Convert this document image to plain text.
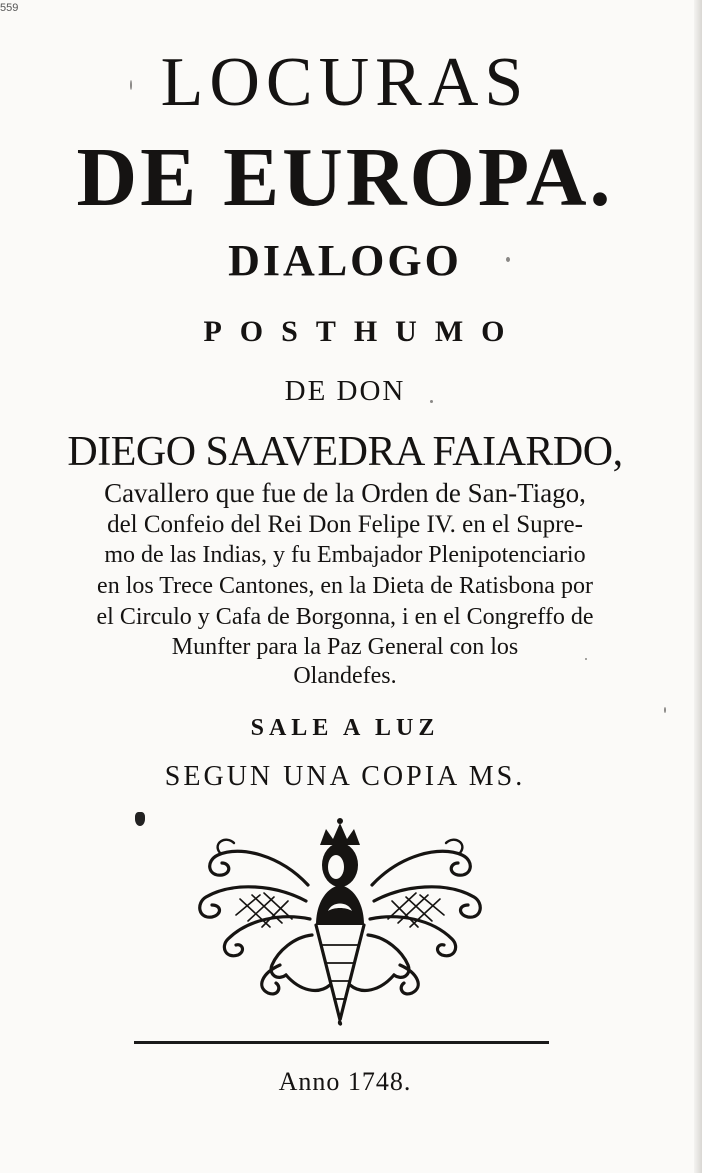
559
LOCURAS
DE EUROPA.
DIALOGO
POSTHUMO
DE DON
DIEGO SAAVEDRA FAIARDO,
Cavallero que fue de la Orden de San-Tiago,
del Confeio del Rei Don Felipe IV. en el Supre-
mo de las Indias, y fu Embajador Plenipotenciario
en los Trece Cantones, en la Dieta de Ratisbona por
el Circulo y Cafa de Borgonna, i en el Congreffo de
Munfter para la Paz General con los
Olandefes.
SALE A LUZ
SEGUN UNA COPIA MS.
Anno 1748.
